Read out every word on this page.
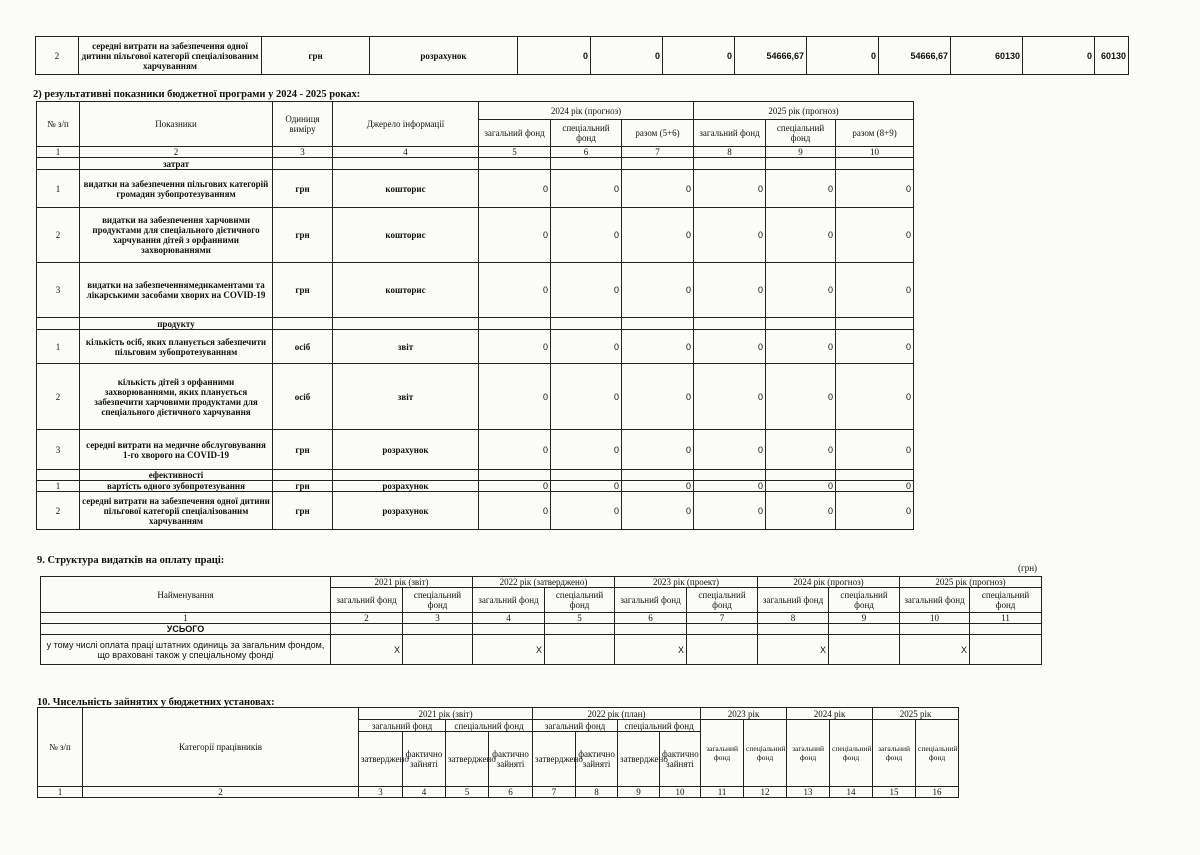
2	середні витрати на забезпечення одної дитини пільгової категорії спеціалізованим харчуванням	грн	розрахунок	0	0	0	54666,67	0	54666,67	60130	0	60130
2) результативні показники бюджетної програми у 2024 - 2025 роках:
№ з/п	Показники	Одиниця виміру	Джерело інформації	2024 рік (прогноз)			2025 рік (прогноз)		
				загальний фонд	спеціальний фонд	разом (5+6)	загальний фонд	спеціальний фонд	разом (8+9)
1	2	3	4	5	6	7	8	9	10
	затрат								
1	видатки на забезпечення пільгових категорій громадян зубопротезуванням	грн	кошторис	0	0	0	0	0	0
2	видатки на забезпечення харчовими продуктами для спеціального дієтичного харчування дітей з орфанними захворюваннями	грн	кошторис	0	0	0	0	0	0
3	видатки на забезпеченнямедикаментами та лікарськими засобами хворих на COVID-19	грн	кошторис	0	0	0	0	0	0
	продукту								
1	кількість осіб, яких планується забезпечити пільговим зубопротезуванням	осіб	звіт	0	0	0	0	0	0
2	кількість дітей з орфанними захворюваннями, яких планується забезпечити харчовими продуктами для спеціального дієтичного харчування	осіб	звіт	0	0	0	0	0	0
3	середні витрати на медичне обслуговування 1-го хворого на COVID-19	грн	розрахунок	0	0	0	0	0	0
	ефективності								
1	вартість одного зубопротезування	грн	розрахунок	0	0	0	0	0	0
2	середні витрати на забезпечення одної дитини пільгової категорії спеціалізованим харчуванням	грн	розрахунок	0	0	0	0	0	0
9. Структура видатків на оплату праці:
(грн)
Найменування	2021 рік (звіт)		2022 рік (затверджено)		2023 рік (проект)		2024 рік (прогноз)		2025 рік (прогноз)	
	загальний фонд	спеціальний фонд	загальний фонд	спеціальний фонд	загальний фонд	спеціальний фонд	загальний фонд	спеціальний фонд	загальний фонд	спеціальний фонд
1	2	3	4	5	6	7	8	9	10	11
УСЬОГО										
у тому числі оплата праці штатних одиниць за загальним фондом, що враховані також у спеціальному фонді	X		X		X		X		X	
10. Чисельність зайнятих у бюджетних установах:
№ з/п	Категорії працівників	2021 рік (звіт)				2022 рік (план)				2023 рік		2024 рік		2025 рік	
		загальний фонд		спеціальний фонд		загальний фонд		спеціальний фонд		загальний фонд	спеціальний фонд	загальний фонд	спеціальний фонд	загальний фонд	спеціальний фонд
		затверджено	фактично зайняті	затверджено	фактично зайняті	затверджено	фактично зайняті	затверджено	фактично зайняті						
1	2	3	4	5	6	7	8	9	10	11	12	13	14	15	16
